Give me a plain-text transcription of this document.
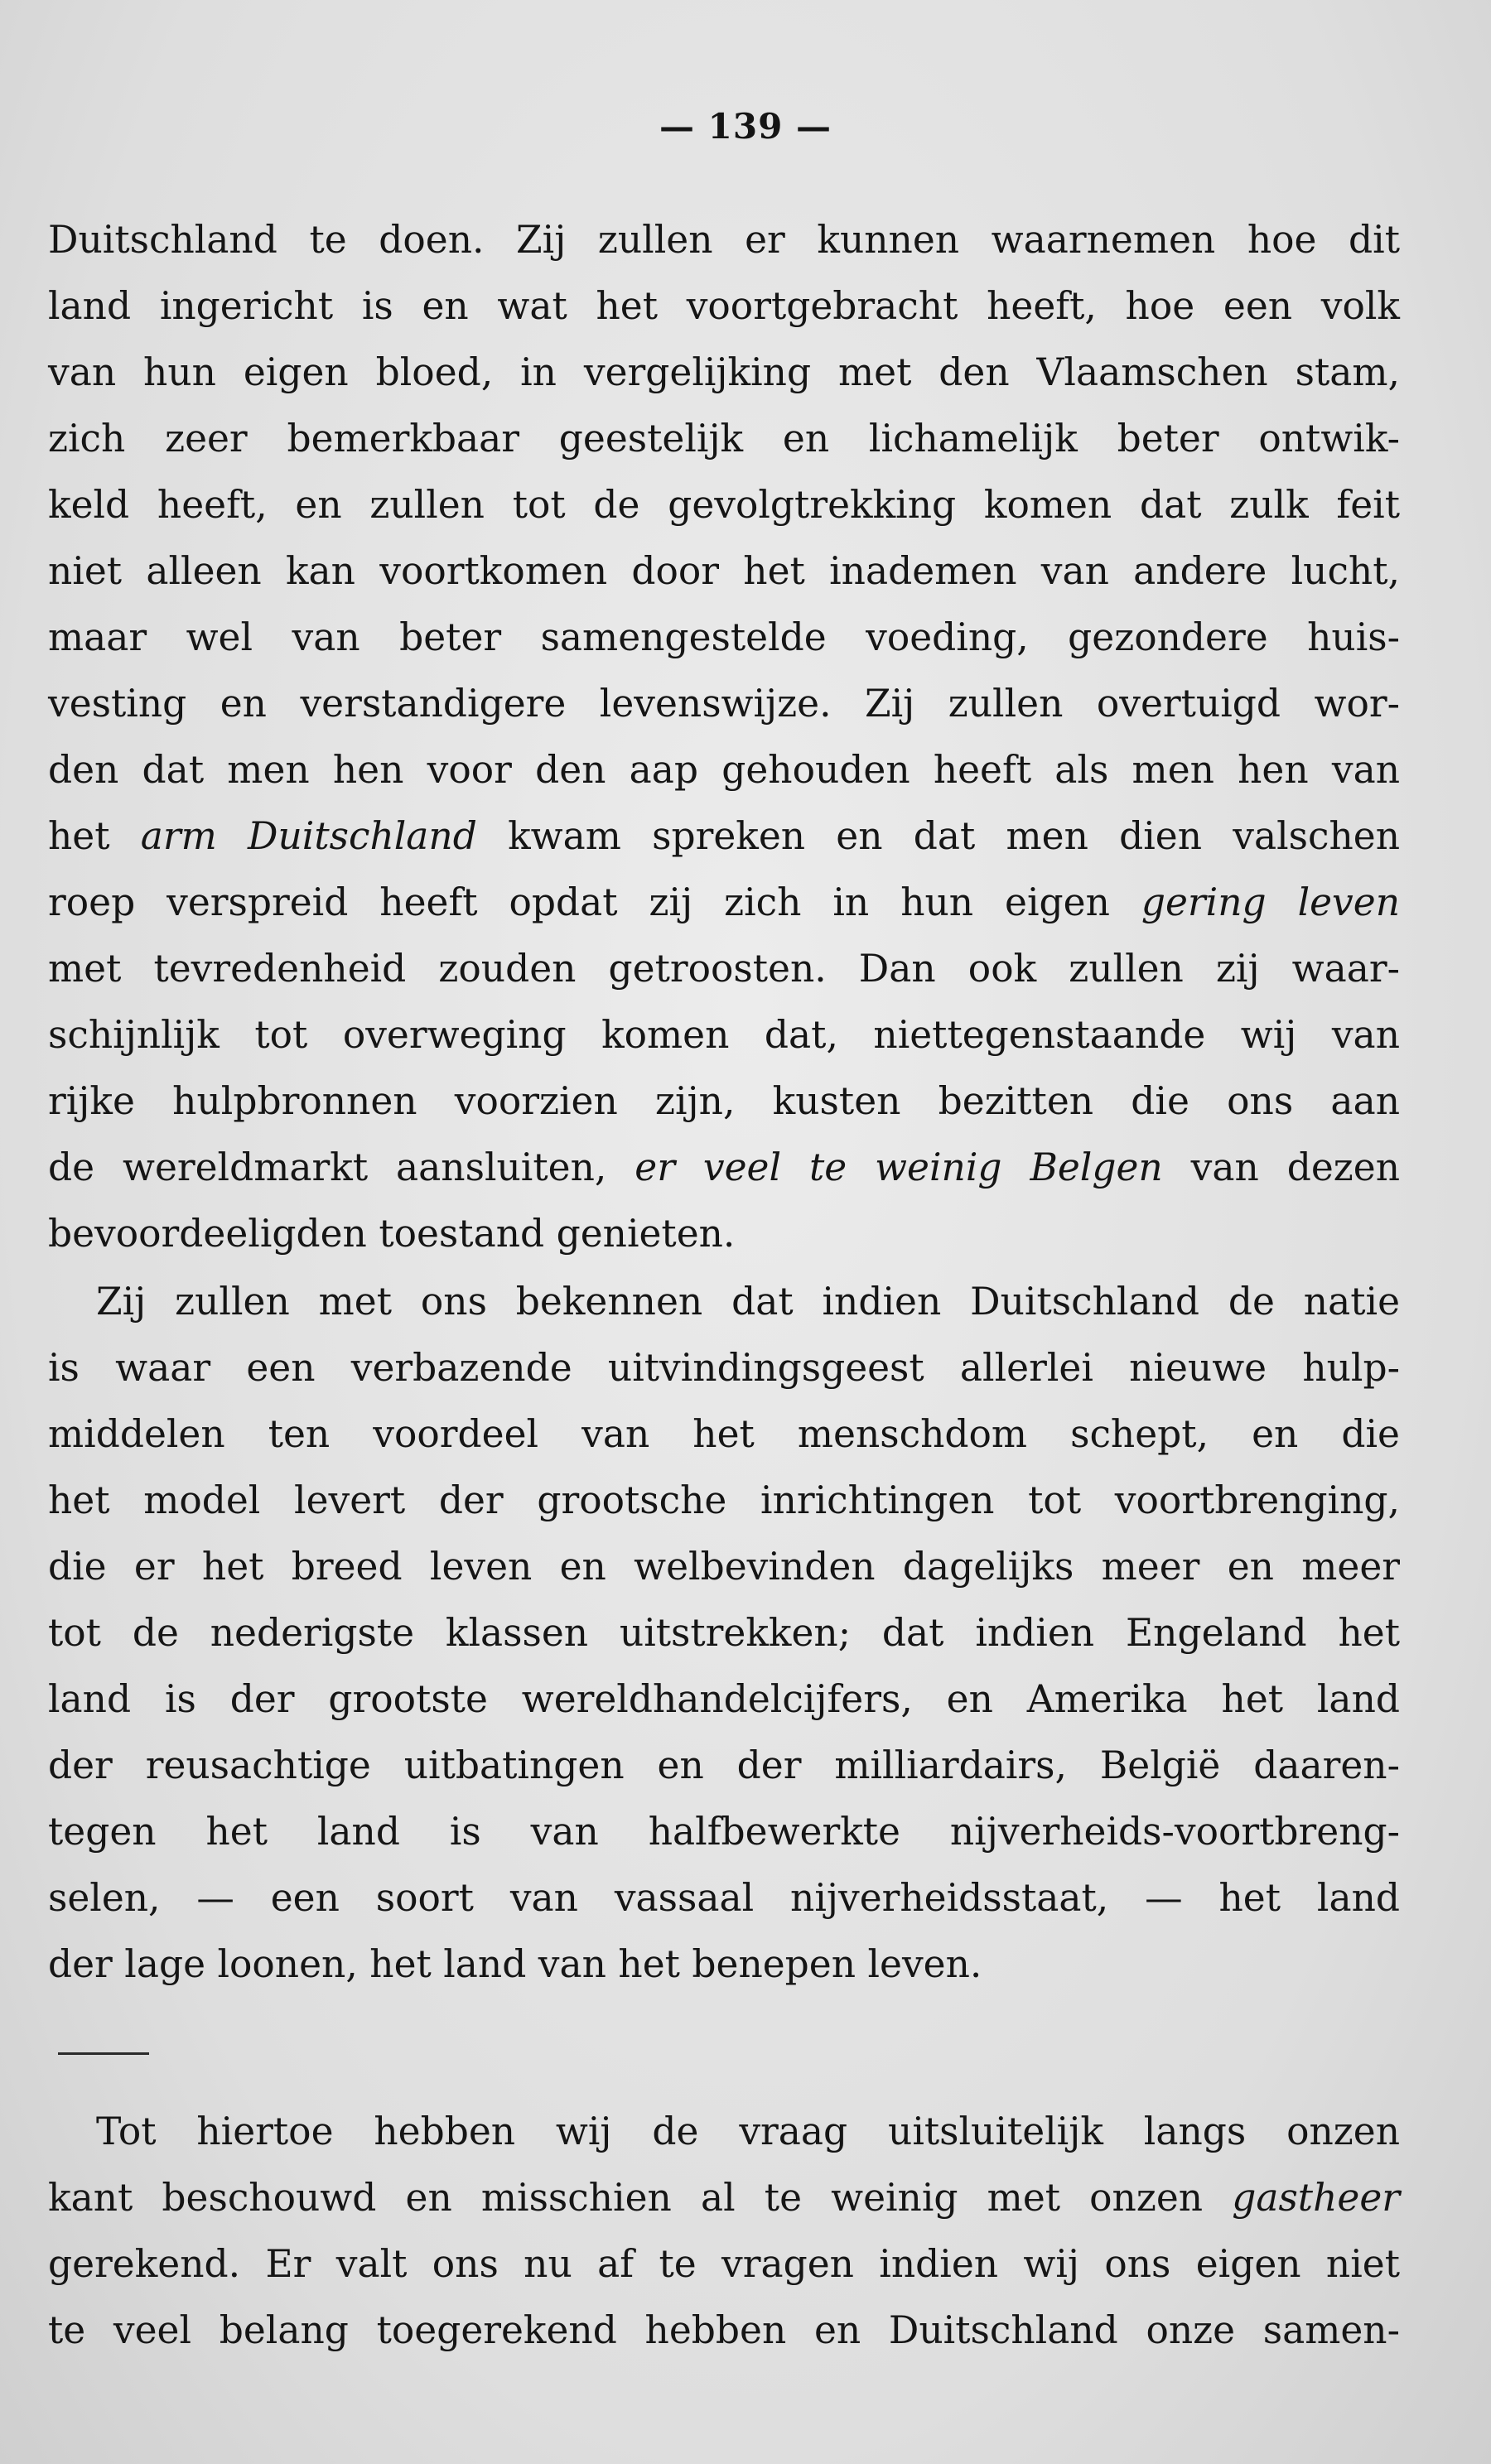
— 139 —
Duitschland te doen. Zij zullen er kunnen waarnemen hoe dit
land ingericht is en wat het voortgebracht heeft, hoe een volk
van hun eigen bloed, in vergelijking met den Vlaamschen stam,
zich zeer bemerkbaar geestelijk en lichamelijk beter ontwik-
keld heeft, en zullen tot de gevolgtrekking komen dat zulk feit
niet alleen kan voortkomen door het inademen van andere lucht,
maar wel van beter samengestelde voeding, gezondere huis-
vesting en verstandigere levenswijze. Zij zullen overtuigd wor-
den dat men hen voor den aap gehouden heeft als men hen van
het arm Duitschland kwam spreken en dat men dien valschen
roep verspreid heeft opdat zij zich in hun eigen gering leven
met tevredenheid zouden getroosten. Dan ook zullen zij waar-
schijnlijk tot overweging komen dat, niettegenstaande wij van
rijke hulpbronnen voorzien zijn, kusten bezitten die ons aan
de wereldmarkt aansluiten, er veel te weinig Belgen van dezen
bevoordeeligden toestand genieten.
Zij zullen met ons bekennen dat indien Duitschland de natie
is waar een verbazende uitvindingsgeest allerlei nieuwe hulp-
middelen ten voordeel van het menschdom schept, en die
het model levert der grootsche inrichtingen tot voortbrenging,
die er het breed leven en welbevinden dagelijks meer en meer
tot de nederigste klassen uitstrekken; dat indien Engeland het
land is der grootste wereldhandelcijfers, en Amerika het land
der reusachtige uitbatingen en der milliardairs, België daaren-
tegen het land is van halfbewerkte nijverheids-voortbreng-
selen, — een soort van vassaal nijverheidsstaat, — het land
der lage loonen, het land van het benepen leven.
Tot hiertoe hebben wij de vraag uitsluitelijk langs onzen
kant beschouwd en misschien al te weinig met onzen gastheer
gerekend. Er valt ons nu af te vragen indien wij ons eigen niet
te veel belang toegerekend hebben en Duitschland onze samen-
